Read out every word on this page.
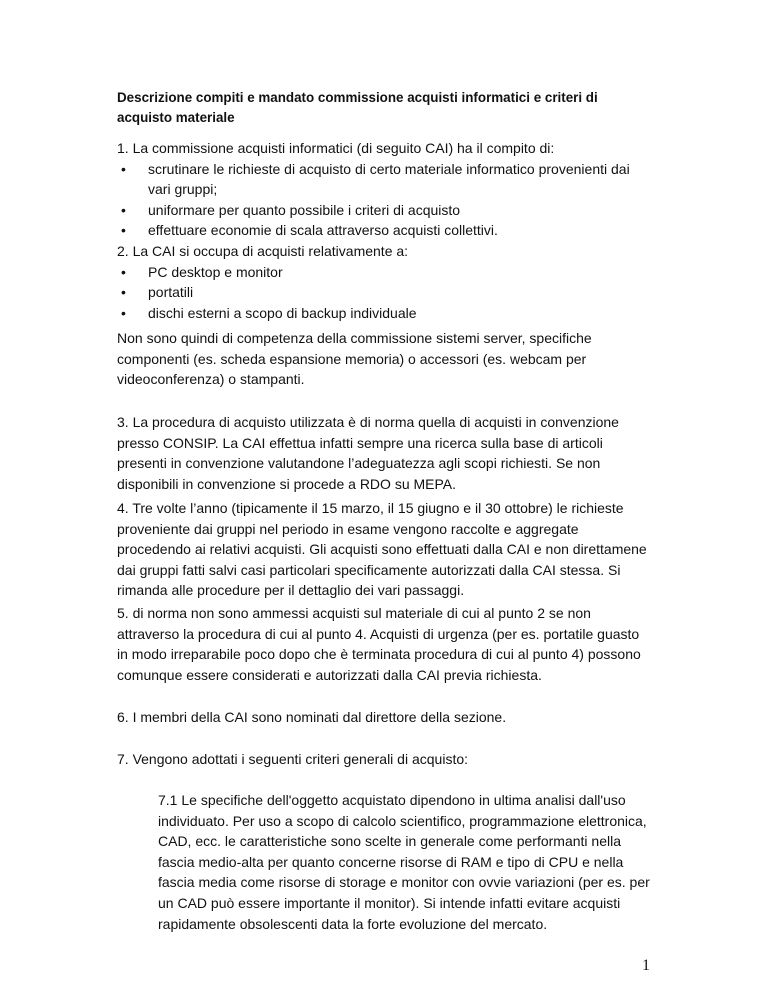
Descrizione compiti e mandato commissione acquisti informatici e criteri di acquisto materiale

1. La commissione acquisti informatici (di seguito CAI) ha il compito di:

• scrutinare le richieste di acquisto di certo materiale informatico provenienti dai vari gruppi;
• uniformare per quanto possibile i criteri di acquisto
• effettuare economie di scala attraverso acquisti collettivi.

2. La CAI si occupa di acquisti relativamente a:

• PC desktop e monitor
• portatili
• dischi esterni a scopo di backup individuale

Non sono quindi di competenza della commissione sistemi server, specifiche componenti (es. scheda espansione memoria) o accessori (es. webcam per videoconferenza) o stampanti.

3. La procedura di acquisto utilizzata è di norma quella di acquisti in convenzione presso CONSIP. La CAI effettua infatti sempre una ricerca sulla base di articoli presenti in convenzione valutandone l’adeguatezza agli scopi richiesti. Se non disponibili in convenzione si procede a RDO su MEPA.

4. Tre volte l’anno (tipicamente il 15 marzo, il 15 giugno e il 30 ottobre) le richieste proveniente dai gruppi nel periodo in esame vengono raccolte e aggregate procedendo ai relativi acquisti. Gli acquisti sono effettuati dalla CAI e non direttamene dai gruppi fatti salvi casi particolari specificamente autorizzati dalla CAI stessa. Si rimanda alle procedure per il dettaglio dei vari passaggi.

5. di norma non sono ammessi acquisti sul materiale di cui al punto 2 se non attraverso la procedura di cui al punto 4. Acquisti di urgenza (per es. portatile guasto in modo irreparabile poco dopo che è terminata procedura di cui al punto 4) possono comunque essere considerati e autorizzati dalla CAI previa richiesta.

6. I membri della CAI sono nominati dal direttore della sezione.

7. Vengono adottati i seguenti criteri generali di acquisto:

7.1 Le specifiche dell'oggetto acquistato dipendono in ultima analisi dall'uso individuato. Per uso a scopo di calcolo scientifico, programmazione elettronica, CAD, ecc. le caratteristiche sono scelte in generale come performanti nella fascia medio-alta per quanto concerne risorse di RAM e tipo di CPU e nella fascia media come risorse di storage e monitor con ovvie variazioni (per es. per un CAD può essere importante il monitor). Si intende infatti evitare acquisti rapidamente obsolescenti data la forte evoluzione del mercato.

1
